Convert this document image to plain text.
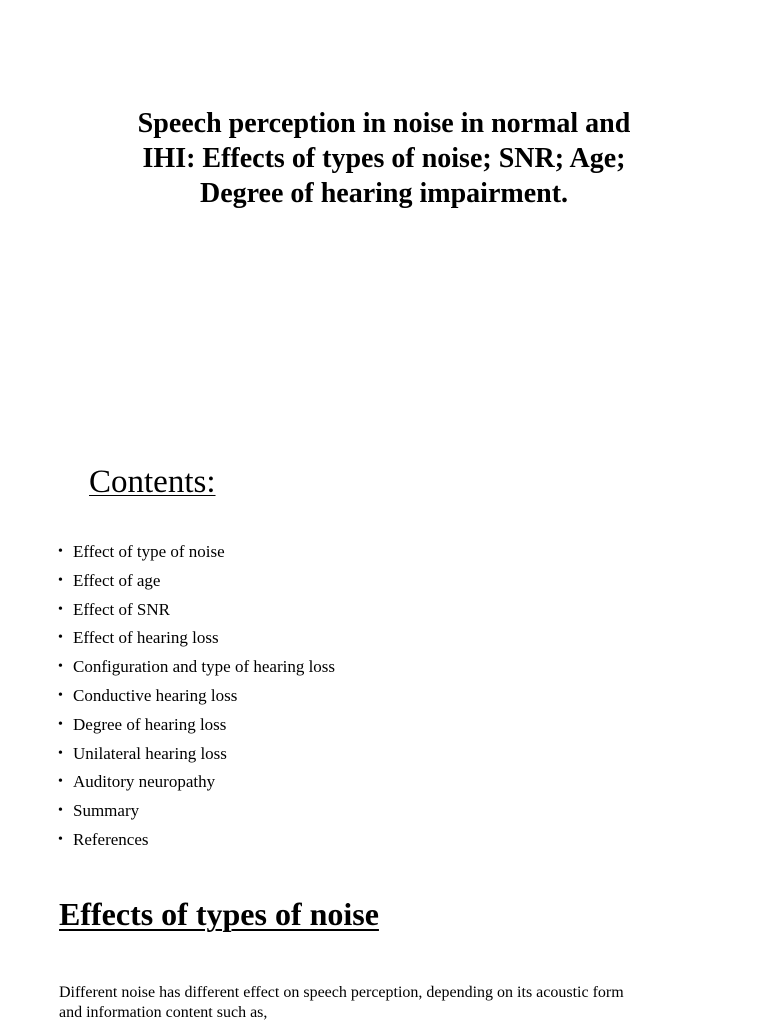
Speech perception in noise in normal and
IHI: Effects of types of noise; SNR; Age;
Degree of hearing impairment.
Contents:
• Effect of type of noise
• Effect of age
• Effect of SNR
• Effect of hearing loss
• Configuration and type of hearing loss
• Conductive hearing loss
• Degree of hearing loss
• Unilateral hearing loss
• Auditory neuropathy
• Summary
• References
Effects of types of noise
Different noise has different effect on speech perception, depending on its acoustic form
and information content such as,
